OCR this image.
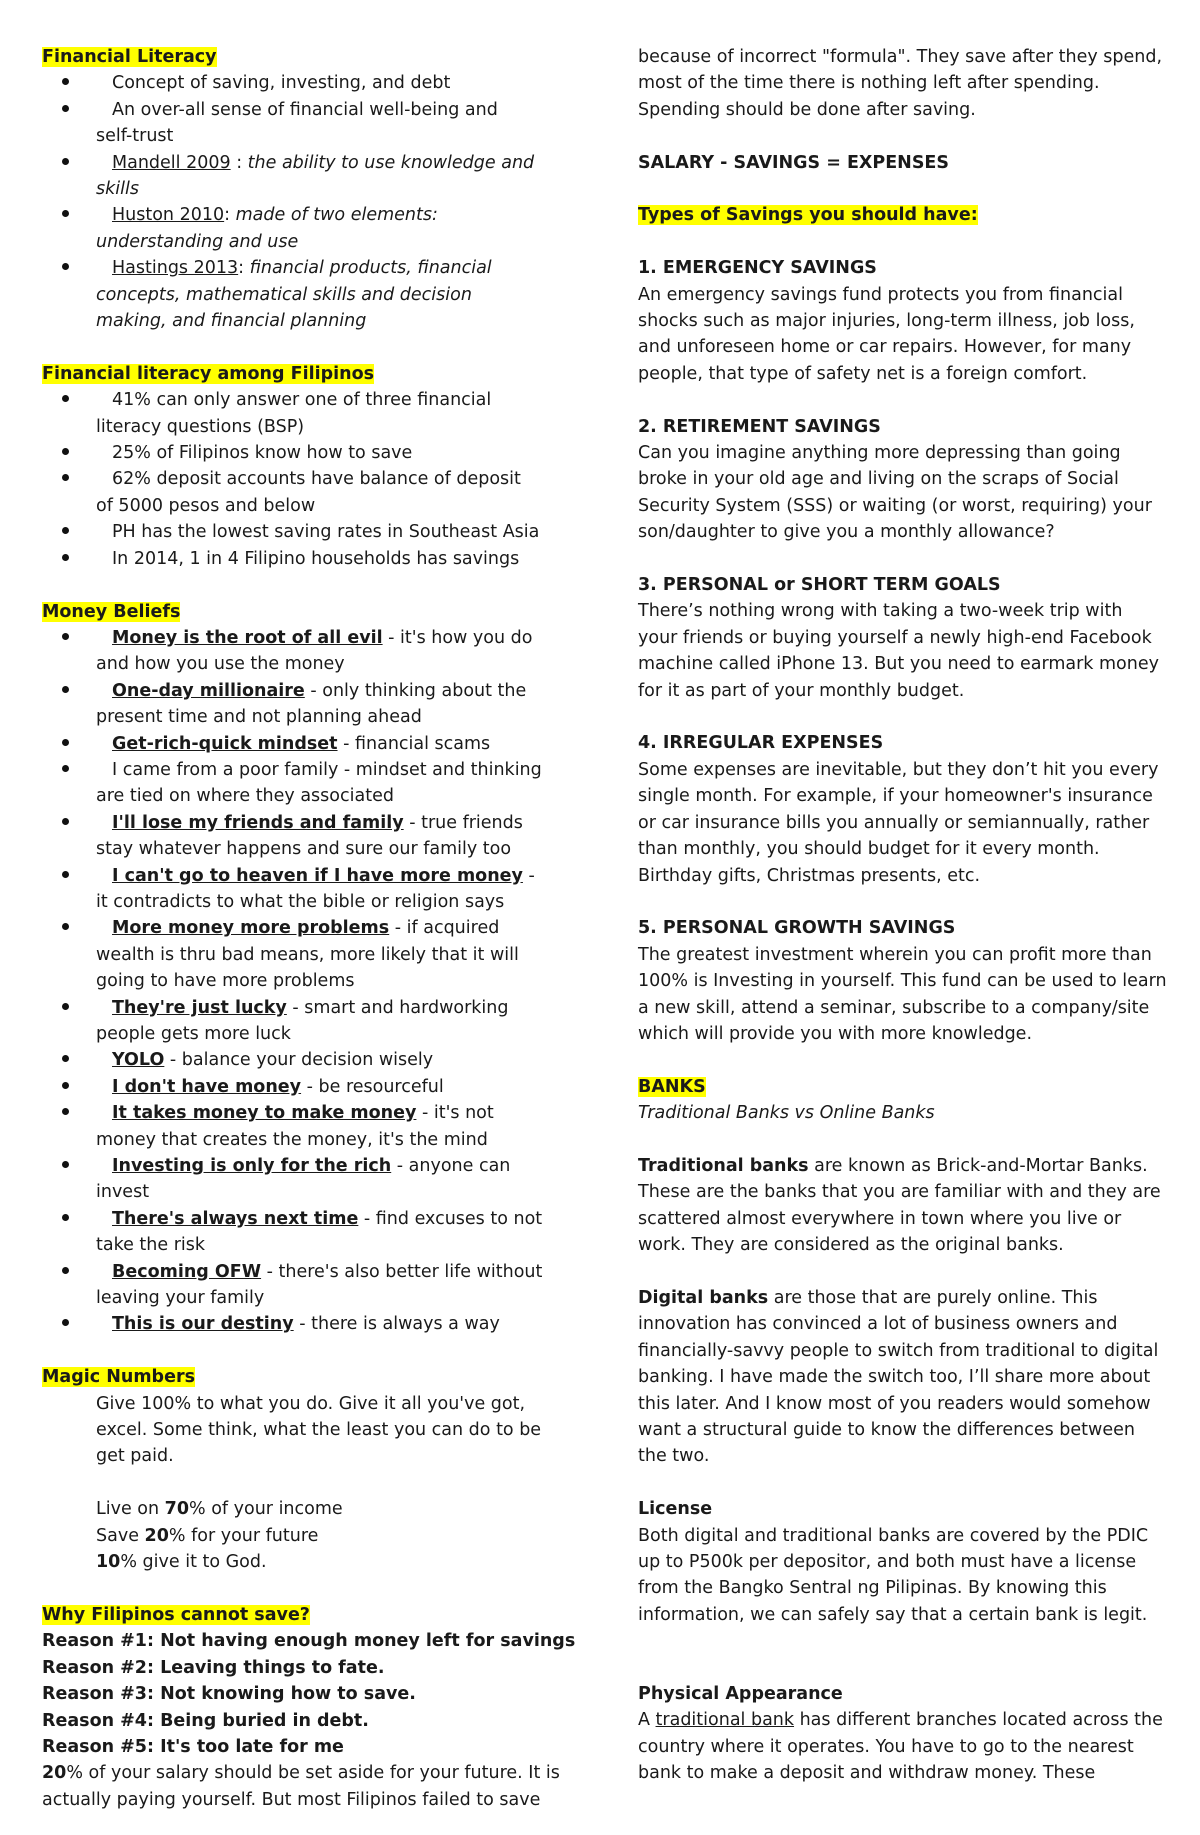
Financial Literacy
Concept of saving, investing, and debt
An over-all sense of financial well-being and self-trust
Mandell 2009 : the ability to use knowledge and skills
Huston 2010: made of two elements: understanding and use
Hastings 2013: financial products, financial concepts, mathematical skills and decision making, and financial planning
Financial literacy among Filipinos
41% can only answer one of three financial literacy questions (BSP)
25% of Filipinos know how to save
62% deposit accounts have balance of deposit of 5000 pesos and below
PH has the lowest saving rates in Southeast Asia
In 2014, 1 in 4 Filipino households has savings
Money Beliefs
Money is the root of all evil - it's how you do and how you use the money
One-day millionaire - only thinking about the present time and not planning ahead
Get-rich-quick mindset - financial scams
I came from a poor family - mindset and thinking are tied on where they associated
I'll lose my friends and family - true friends stay whatever happens and sure our family too
I can't go to heaven if I have more money - it contradicts to what the bible or religion says
More money more problems - if acquired wealth is thru bad means, more likely that it will going to have more problems
They're just lucky - smart and hardworking people gets more luck
YOLO - balance your decision wisely
I don't have money - be resourceful
It takes money to make money - it's not money that creates the money, it's the mind
Investing is only for the rich - anyone can invest
There's always next time - find excuses to not take the risk
Becoming OFW - there's also better life without leaving your family
This is our destiny - there is always a way
Magic Numbers
Give 100% to what you do. Give it all you've got,
excel. Some think, what the least you can do to be
get paid.
Live on 70% of your income
Save 20% for your future
10% give it to God.
Why Filipinos cannot save?
Reason #1: Not having enough money left for savings
Reason #2: Leaving things to fate.
Reason #3: Not knowing how to save.
Reason #4: Being buried in debt.
Reason #5: It's too late for me
20% of your salary should be set aside for your future. It is
actually paying yourself. But most Filipinos failed to save
because of incorrect "formula". They save after they spend,
most of the time there is nothing left after spending.
Spending should be done after saving.
SALARY - SAVINGS = EXPENSES
Types of Savings you should have:
1. EMERGENCY SAVINGS
An emergency savings fund protects you from financial
shocks such as major injuries, long-term illness, job loss,
and unforeseen home or car repairs. However, for many
people, that type of safety net is a foreign comfort.
2. RETIREMENT SAVINGS
Can you imagine anything more depressing than going
broke in your old age and living on the scraps of Social
Security System (SSS) or waiting (or worst, requiring) your
son/daughter to give you a monthly allowance?
3. PERSONAL or SHORT TERM GOALS
There’s nothing wrong with taking a two-week trip with
your friends or buying yourself a newly high-end Facebook
machine called iPhone 13. But you need to earmark money
for it as part of your monthly budget.
4. IRREGULAR EXPENSES
Some expenses are inevitable, but they don’t hit you every
single month. For example, if your homeowner's insurance
or car insurance bills you annually or semiannually, rather
than monthly, you should budget for it every month.
Birthday gifts, Christmas presents, etc.
5. PERSONAL GROWTH SAVINGS
The greatest investment wherein you can profit more than
100% is Investing in yourself. This fund can be used to learn
a new skill, attend a seminar, subscribe to a company/site
which will provide you with more knowledge.
BANKS
Traditional Banks vs Online Banks
Traditional banks are known as Brick-and-Mortar Banks.
These are the banks that you are familiar with and they are
scattered almost everywhere in town where you live or
work. They are considered as the original banks.
Digital banks are those that are purely online. This
innovation has convinced a lot of business owners and
financially-savvy people to switch from traditional to digital
banking. I have made the switch too, I’ll share more about
this later. And I know most of you readers would somehow
want a structural guide to know the differences between
the two.
License
Both digital and traditional banks are covered by the PDIC
up to P500k per depositor, and both must have a license
from the Bangko Sentral ng Pilipinas. By knowing this
information, we can safely say that a certain bank is legit.
Physical Appearance
A traditional bank has different branches located across the
country where it operates. You have to go to the nearest
bank to make a deposit and withdraw money. These
